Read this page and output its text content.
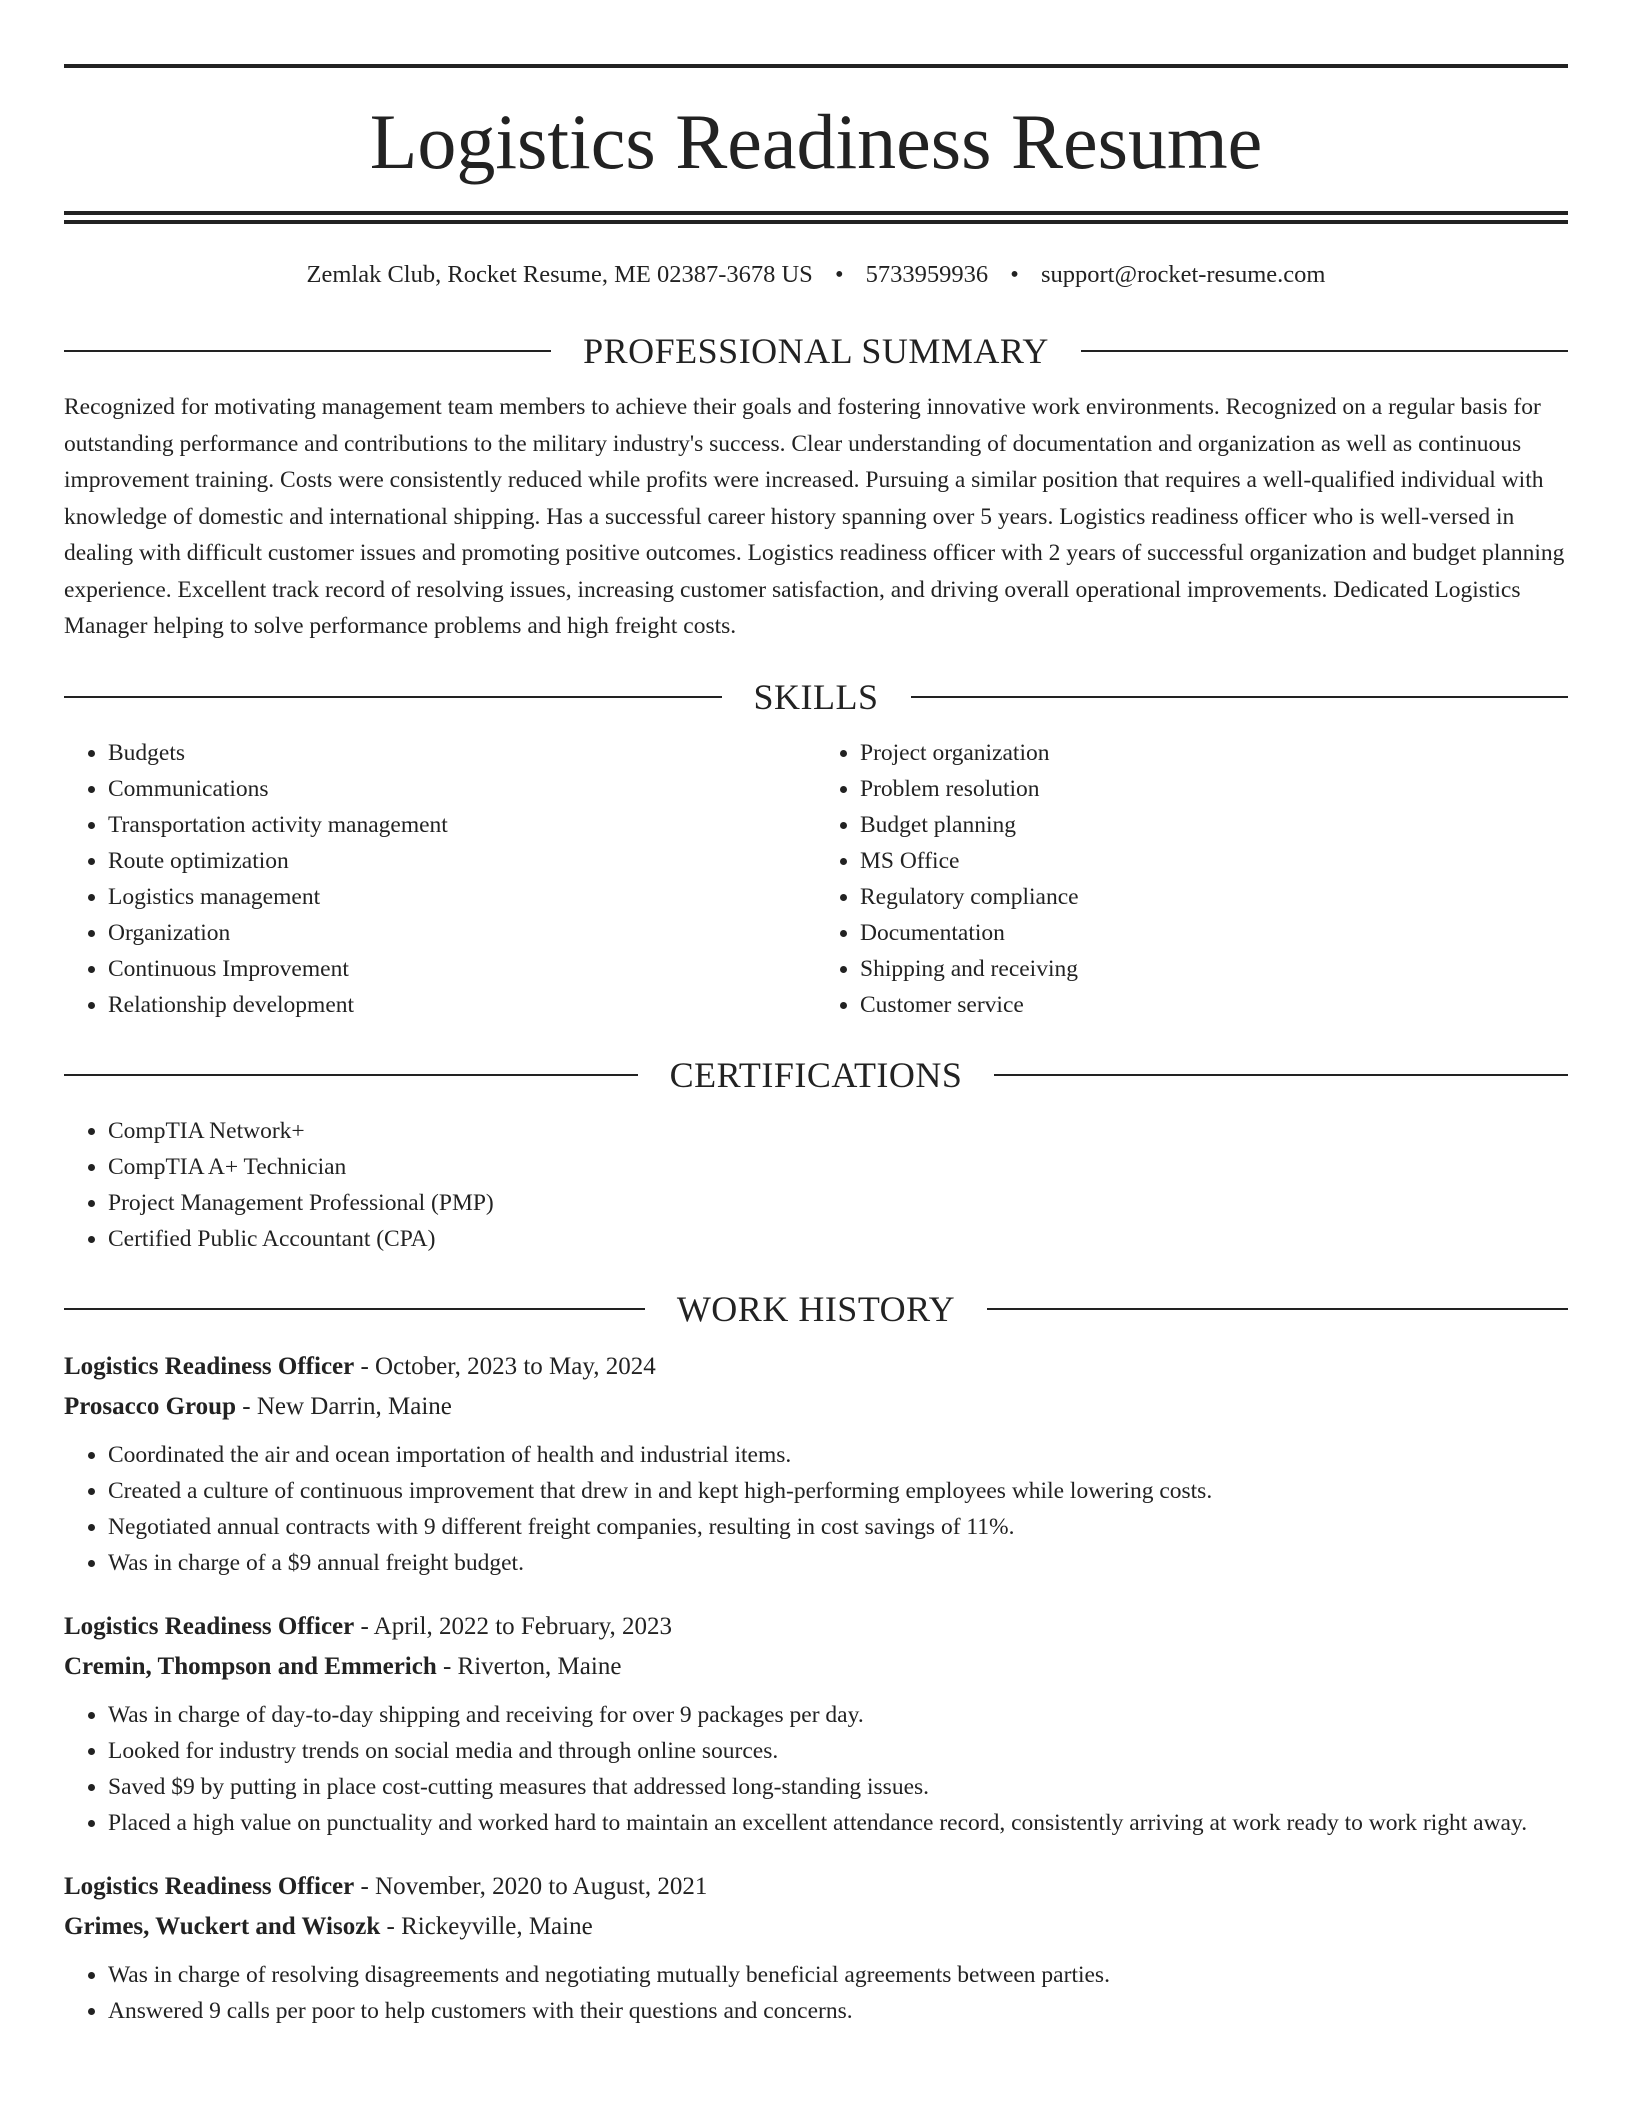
Logistics Readiness Resume
Zemlak Club, Rocket Resume, ME 02387-3678 US • 5733959936 • support@rocket-resume.com
PROFESSIONAL SUMMARY

Recognized for motivating management team members to achieve their goals and fostering innovative work environments. Recognized on a regular basis for outstanding performance and contributions to the military industry's success. Clear understanding of documentation and organization as well as continuous improvement training. Costs were consistently reduced while profits were increased. Pursuing a similar position that requires a well-qualified individual with knowledge of domestic and international shipping. Has a successful career history spanning over 5 years. Logistics readiness officer who is well-versed in dealing with difficult customer issues and promoting positive outcomes. Logistics readiness officer with 2 years of successful organization and budget planning experience. Excellent track record of resolving issues, increasing customer satisfaction, and driving overall operational improvements. Dedicated Logistics Manager helping to solve performance problems and high freight costs.

SKILLS
• Budgets
• Communications
• Transportation activity management
• Route optimization
• Logistics management
• Organization
• Continuous Improvement
• Relationship development
• Project organization
• Problem resolution
• Budget planning
• MS Office
• Regulatory compliance
• Documentation
• Shipping and receiving
• Customer service
CERTIFICATIONS
• CompTIA Network+
• CompTIA A+ Technician
• Project Management Professional (PMP)
• Certified Public Accountant (CPA)
WORK HISTORY
Logistics Readiness Officer - October, 2023 to May, 2024
Prosacco Group - New Darrin, Maine
• Coordinated the air and ocean importation of health and industrial items.
• Created a culture of continuous improvement that drew in and kept high-performing employees while lowering costs.
• Negotiated annual contracts with 9 different freight companies, resulting in cost savings of 11%.
• Was in charge of a $9 annual freight budget.
Logistics Readiness Officer - April, 2022 to February, 2023
Cremin, Thompson and Emmerich - Riverton, Maine
• Was in charge of day-to-day shipping and receiving for over 9 packages per day.
• Looked for industry trends on social media and through online sources.
• Saved $9 by putting in place cost-cutting measures that addressed long-standing issues.
• Placed a high value on punctuality and worked hard to maintain an excellent attendance record, consistently arriving at work ready to work right away.
Logistics Readiness Officer - November, 2020 to August, 2021
Grimes, Wuckert and Wisozk - Rickeyville, Maine
• Was in charge of resolving disagreements and negotiating mutually beneficial agreements between parties.
• Answered 9 calls per poor to help customers with their questions and concerns.
